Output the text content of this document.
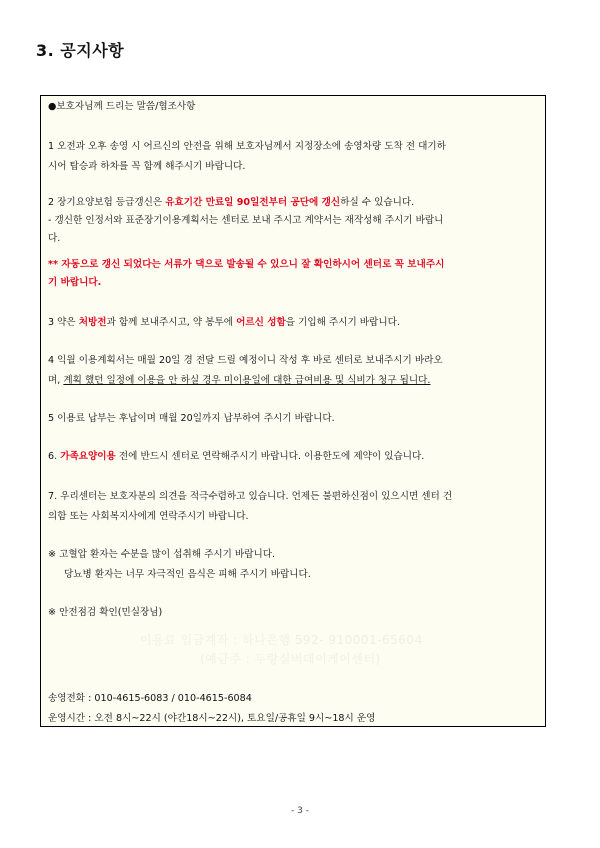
3. 공지사항
●보호자님께 드리는 말씀/협조사항
1 오전과 오후 송영 시 어르신의 안전을 위해 보호자님께서 지정장소에 송영차량 도착 전 대기하
시어 탑승과 하차를 꼭 함께 해주시기 바랍니다.
2 장기요양보험 등급갱신은 유효기간 만료일 90일전부터 공단에 갱신하실 수 있습니다.
- 갱신한 인정서와 표준장기이용계획서는 센터로 보내 주시고 계약서는 재작성해 주시기 바랍니
다.
** 자동으로 갱신 되었다는 서류가 댁으로 발송될 수 있으니 잘 확인하시어 센터로 꼭 보내주시
기 바랍니다.
3 약은 처방전과 함께 보내주시고, 약 봉투에 어르신 성함을 기입해 주시기 바랍니다.
4 익월 이용계획서는 매월 20일 경 전달 드릴 예정이니 작성 후 바로 센터로 보내주시기 바라오
며, 계획 했던 일정에 이용을 안 하실 경우 미이용일에 대한 급여비용 및 식비가 청구 됩니다.
5 이용료 납부는 후납이며 매월 20일까지 납부하여 주시기 바랍니다.
6. 가족요양이용 전에 반드시 센터로 연락해주시기 바랍니다. 이용한도에 제약이 있습니다.
7. 우리센터는 보호자분의 의견을 적극수렴하고 있습니다. 언제든 불편하신점이 있으시면 센터 건
의함 또는 사회복지사에게 연락주시기 바랍니다.
※ 고혈압 환자는 수분을 많이 섭취해 주시기 바랍니다.
당뇨병 환자는 너무 자극적인 음식은 피해 주시기 바랍니다.
※ 안전점검 확인(민실장님)
이용료 입금계좌 : 하나은행 592- 910001-65604
(예금주 : 두랑실버데이케어센터)
송영전화 : 010-4615-6083 / 010-4615-6084
운영시간 : 오전 8시~22시 (야간18시~22시), 토요일/공휴일 9시~18시 운영
- 3 -
